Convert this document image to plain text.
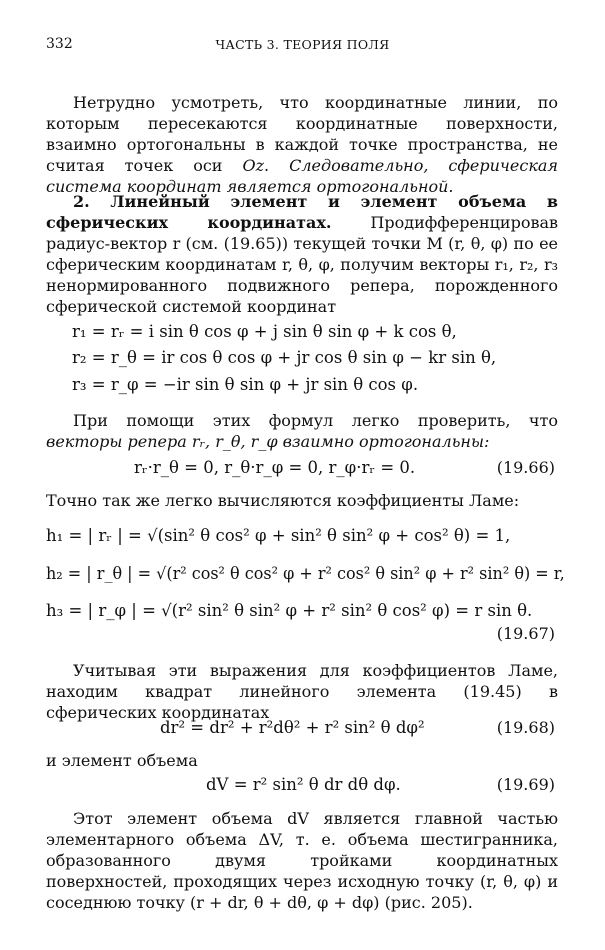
332	ЧАСТЬ 3. ТЕОРИЯ ПОЛЯ

Нетрудно усмотреть, что координатные линии, по которым пересекаются координатные поверхности, взаимно ортогональны в каждой точке пространства, не считая точек оси Oz. Следовательно, сферическая система координат является ортогональной.

2. Линейный элемент и элемент объема в сферических координатах. Продифференцировав радиус-вектор r (см. (19.65)) текущей точки M (r, θ, φ) по ее сферическим координатам r, θ, φ, получим векторы r₁, r₂, r₃ ненормированного подвижного репера, порожденного сферической системой координат

r₁ = rᵣ = i sin θ cos φ + j sin θ sin φ + k cos θ,
r₂ = r_θ = ir cos θ cos φ + jr cos θ sin φ − kr sin θ,
r₃ = r_φ = −ir sin θ sin φ + jr sin θ cos φ.

При помощи этих формул легко проверить, что векторы репера rᵣ, r_θ, r_φ взаимно ортогональны:

rᵣ·r_θ = 0, r_θ·r_φ = 0, r_φ·rᵣ = 0.	(19.66)

Точно так же легко вычисляются коэффициенты Ламе:

h₁ = | rᵣ | = √(sin² θ cos² φ + sin² θ sin² φ + cos² θ) = 1,
h₂ = | r_θ | = √(r² cos² θ cos² φ + r² cos² θ sin² φ + r² sin² θ) = r,
h₃ = | r_φ | = √(r² sin² θ sin² φ + r² sin² θ cos² φ) = r sin θ.
(19.67)

Учитывая эти выражения для коэффициентов Ламе, находим квадрат линейного элемента (19.45) в сферических координатах

dr² = dr² + r²dθ² + r² sin² θ dφ²	(19.68)

и элемент объема

dV = r² sin² θ dr dθ dφ.	(19.69)

Этот элемент объема dV является главной частью элементарного объема ΔV, т. е. объема шестигранника, образованного двумя тройками координатных поверхностей, проходящих через исходную точку (r, θ, φ) и соседнюю точку (r + dr, θ + dθ, φ + dφ) (рис. 205).
